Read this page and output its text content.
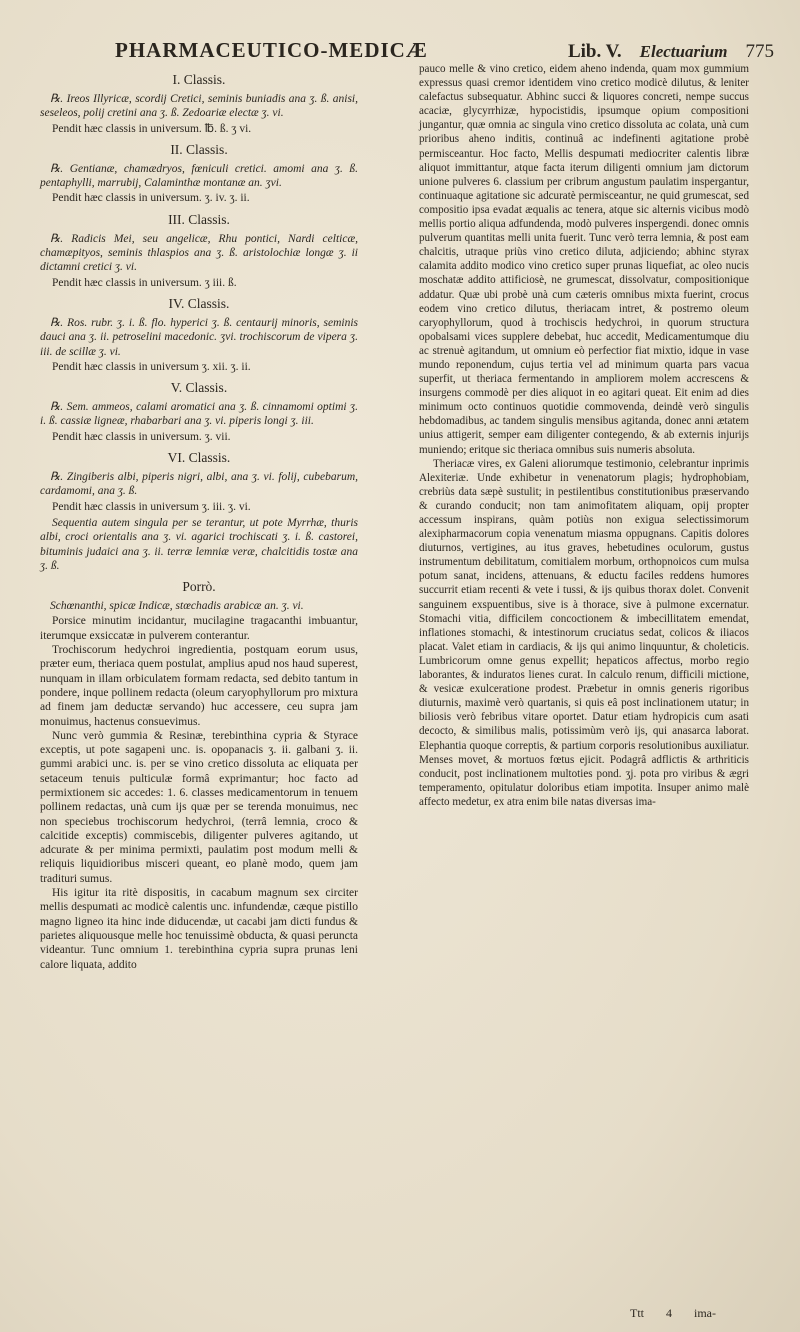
PHARMACEUTICO-MEDICÆ	Lib. V. Electuarium 775
I. Classis.

℞. Ireos Illyricæ, scordij Cretici, seminis buniadis ana ʒ. ß. anisi, seseleos, polij cretini ana ʒ. ß. Zedoariæ electæ ʒ. vi.

Pendit hæc classis in universum. ℔. ß. ʒ vi.

II. Classis.

℞. Gentianæ, chamædryos, fœniculi cretici. amomi ana ʒ. ß. pentaphylli, marrubij, Calaminthæ montanæ an. ʒvi.

Pendit hæc classis in universum. ʒ. iv. ʒ. ii.

III. Classis.

℞. Radicis Mei, seu angelicæ, Rhu pontici, Nardi celticæ, chamæpityos, seminis thlaspios ana ʒ. ß. aristolochiæ longæ ʒ. ii dictamni cretici ʒ. vi.

Pendit hæc classis in universum. ʒ iii. ß.

IV. Classis.

℞. Ros. rubr. ʒ. i. ß. flo. hyperici ʒ. ß. centaurij minoris, seminis dauci ana ʒ. ii. petroselini macedonic. ʒvi. trochiscorum de vipera ʒ. iii. de scillæ ʒ. vi.

Pendit hæc classis in universum ʒ. xii. ʒ. ii.

V. Classis.

℞. Sem. ammeos, calami aromatici ana ʒ. ß. cinnamomi optimi ʒ. i. ß. cassiæ ligneæ, rhabarbari ana ʒ. vi. piperis longi ʒ. iii.

Pendit hæc classis in universum. ʒ. vii.

VI. Classis.

℞. Zingiberis albi, piperis nigri, albi, ana ʒ. vi. folij, cubebarum, cardamomi, ana ʒ. ß.

Pendit hæc classis in universum ʒ. iii. ʒ. vi.

Sequentia autem singula per se terantur, ut pote Myrrhæ, thuris albi, croci orientalis ana ʒ. vi. agarici trochiscati ʒ. i. ß. castorei, bituminis judaici ana ʒ. ii. terræ lemniæ veræ, chalcitidis tostæ ana ʒ. ß.

Porrò.

Schœnanthi, spicæ Indicæ, stœchadis arabicæ an. ʒ. vi.

Porsice minutim incidantur, mucilagine tragacanthi imbuantur, iterumque exsiccatæ in pulverem conterantur.

Trochiscorum hedychroi ingredientia, postquam eorum usus, præter eum, theriaca quem postulat, amplius apud nos haud superest, nunquam in illam orbiculatem formam redacta, sed debito tantum in pondere, inque pollinem redacta (oleum caryophyllorum pro mixtura ad finem jam deductæ servando) huc accessere, ceu supra jam monuimus, hactenus consuevimus.

Nunc verò gummia & Resinæ, terebinthina cypria & Styrace exceptis, ut pote sagapeni unc. is. opopanacis ʒ. ii. galbani ʒ. ii. gummi arabici unc. is. per se vino cretico dissoluta ac eliquata per setaceum tenuis pulticulæ formâ exprimantur; hoc facto ad permixtionem sic accedes: 1. 6. classes medicamentorum in tenuem pollinem redactas, unà cum ijs quæ per se terenda monuimus, nec non speciebus trochiscorum hedychroi, (terrâ lemnia, croco & calcitide exceptis) commiscebis, diligenter pulveres agitando, ut adcurate & per minima permixti, paulatim post modum melli & reliquis liquidioribus misceri queant, eo planè modo, quem jam tradituri sumus.

His igitur ita ritè dispositis, in cacabum magnum sex circiter mellis despumati ac modicè calentis unc. infundendæ, cæque pistillo magno ligneo ita hinc inde diducendæ, ut cacabi jam dicti fundus & parietes aliquousque melle hoc tenuissimè obducta, & quasi peruncta videantur. Tunc omnium 1. terebinthina cypria supra prunas leni calore liquata, addito

pauco melle & vino cretico, eidem aheno indenda, quam mox gummium expressus quasi cremor identidem vino cretico modicè dilutus, & leniter calefactus subsequatur. Abhinc succi & liquores concreti, nempe succus acaciæ, glycyrrhizæ, hypocistidis, ipsumque opium compositioni jungantur, quæ omnia ac singula vino cretico dissoluta ac colata, unà cum prioribus aheno inditis, continuâ ac indefinenti agitatione probè permisceantur. Hoc facto, Mellis despumati mediocriter calentis libræ aliquot immittantur, atque facta iterum diligenti omnium jam dictorum unione pulveres 6. classium per cribrum angustum paulatim inspergantur, continuaque agitatione sic adcuratè permisceantur, ne quid grumescat, sed compositio ipsa evadat æqualis ac tenera, atque sic alternis vicibus modò mellis portio aliqua adfundenda, modò pulveres inspergendi. donec omnis pulverum quantitas melli unita fuerit. Tunc verò terra lemnia, & post eam chalcitis, utraque priùs vino cretico diluta, adjiciendo; abhinc styrax calamita addito modico vino cretico super prunas liquefiat, ac oleo nucis moschatæ addito attificiosè, ne grumescat, dissolvatur, compositionique addatur. Quæ ubi probè unà cum cæteris omnibus mixta fuerint, crocus eodem vino cretico dilutus, theriacam intret, & postremo oleum caryophyllorum, quod à trochiscis hedychroi, in quorum structura opobalsami vices supplere debebat, huc accedit, Medicamentumque diu ac strenuè agitandum, ut omnium eò perfectior fiat mixtio, idque in vase mundo reponendum, cujus tertia vel ad minimum quarta pars vacua superfit, ut theriaca fermentando in ampliorem molem accrescens & insurgens commodè per dies aliquot in eo agitari queat. Eit enim ad dies minimum octo continuos quotidie commovenda, deindè verò singulis hebdomadibus, ac tandem singulis mensibus agitanda, donec anni ætatem unius attigerit, semper eam diligenter contegendo, & ab externis injurijs muniendo; eritque sic theriaca omnibus suis numeris absoluta.

Theriacæ vires, ex Galeni aliorumque testimonio, celebrantur inprimis Alexiteriæ. Unde exhibetur in venenatorum plagis; hydrophobiam, crebriùs data sæpè sustulit; in pestilentibus constitutionibus præservando & curando conducit; non tam animofitatem aliquam, opij propter accessum inspirans, quàm potiùs non exigua selectissimorum alexipharmacorum copia venenatum miasma oppugnans. Capitis dolores diuturnos, vertigines, au itus graves, hebetudines oculorum, gustus instrumentum debilitatum, comitialem morbum, orthopnoicos cum mulsa potum sanat, incidens, attenuans, & eductu faciles reddens humores succurrit etiam recenti & vete i tussi, & ijs quibus thorax dolet. Convenit sanguinem exspuentibus, sive is à thorace, sive à pulmone excernatur. Stomachi vitia, difficilem concoctionem & imbecillitatem emendat, inflationes stomachi, & intestinorum cruciatus sedat, colicos & iliacos placat. Valet etiam in cardiacis, & ijs qui animo linquuntur, & choleticis. Lumbricorum omne genus expellit; hepaticos affectus, morbo regio laborantes, & induratos lienes curat. In calculo renum, difficili mictione, & vesicæ exulceratione prodest. Præbetur in omnis generis rigoribus diuturnis, maximè verò quartanis, si quis eâ post inclinationem utatur; in biliosis verò febribus vitare oportet. Datur etiam hydropicis cum asati decocto, & similibus malis, potissimùm verò ijs, qui anasarca laborat. Elephantia quoque correptis, & partium corporis resolutionibus auxiliatur. Menses movet, & mortuos fœtus ejicit. Podagrâ adflictis & arthriticis conducit, post inclinationem multoties pond. ʒj. pota pro viribus & ægri temperamento, opitulatur doloribus etiam impotita. Insuper animo malè affecto medetur, ex atra enim bile natas diversas ima-

Ttt 4 ima-
